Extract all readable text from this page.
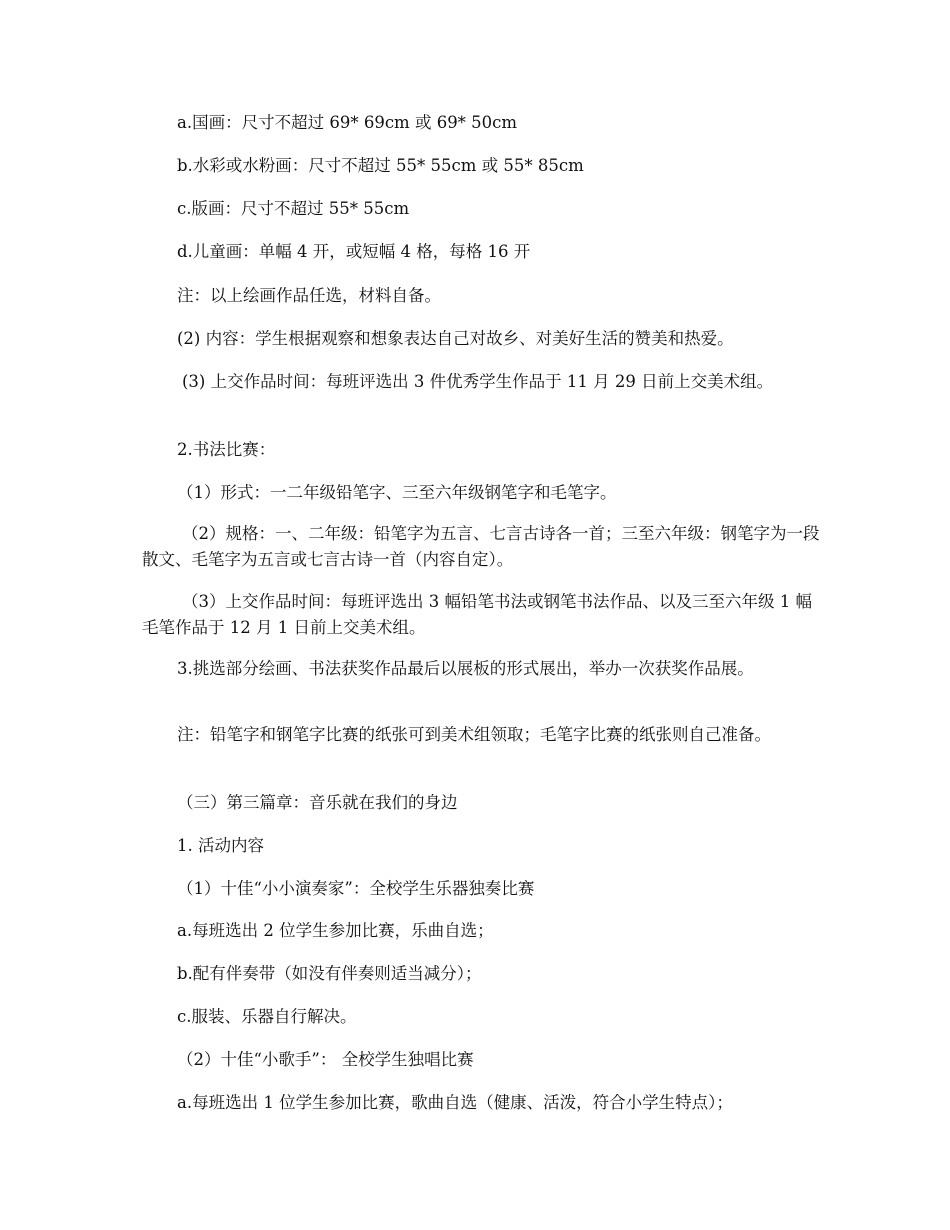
a.国画：尺寸不超过 69* 69cm 或 69* 50cm

b.水彩或水粉画：尺寸不超过 55* 55cm 或 55* 85cm

c.版画：尺寸不超过 55* 55cm

d.儿童画：单幅 4 开，或短幅 4 格，每格 16 开

注：以上绘画作品任选，材料自备。

(2) 内容：学生根据观察和想象表达自己对故乡、对美好生活的赞美和热爱。

(3) 上交作品时间：每班评选出 3 件优秀学生作品于 11 月 29 日前上交美术组。

2.书法比赛：

（1）形式：一二年级铅笔字、三至六年级钢笔字和毛笔字。

（2）规格：一、二年级：铅笔字为五言、七言古诗各一首；三至六年级：钢笔字为一段散文、毛笔字为五言或七言古诗一首（内容自定）。

（3）上交作品时间：每班评选出 3 幅铅笔书法或钢笔书法作品、以及三至六年级 1 幅毛笔作品于 12 月 1 日前上交美术组。

3.挑选部分绘画、书法获奖作品最后以展板的形式展出，举办一次获奖作品展。

注：铅笔字和钢笔字比赛的纸张可到美术组领取；毛笔字比赛的纸张则自己准备。

（三）第三篇章：音乐就在我们的身边

1. 活动内容

（1）十佳“小小演奏家”：全校学生乐器独奏比赛

a.每班选出 2 位学生参加比赛，乐曲自选；

b.配有伴奏带（如没有伴奏则适当减分）；

c.服装、乐器自行解决。

（2）十佳“小歌手”： 全校学生独唱比赛

a.每班选出 1 位学生参加比赛，歌曲自选（健康、活泼，符合小学生特点）；
